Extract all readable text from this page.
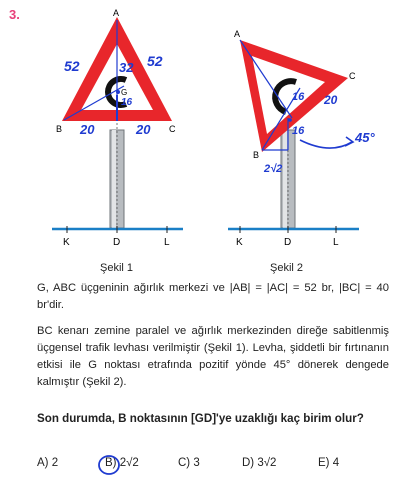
3.	A
B	C
G
52	32 52
16
20	20
K	D	L
A
C
B
16 20
16
2√2
45°
K	D	L
Şekil 1	Şekil 2

G, ABC üçgeninin ağırlık merkezi ve |AB| = |AC| = 52 br, |BC| = 40 br'dir.

BC kenarı zemine paralel ve ağırlık merkezinden direğe sabitlenmiş üçgensel trafik levhası verilmiştir (Şekil 1). Levha, şiddetli bir fırtınanın etkisi ile G noktası etrafında pozitif yönde 45° dönerek dengede kalmıştır (Şekil 2).

Son durumda, B noktasının [GD]'ye uzaklığı kaç birim olur?

A) 2	B) 2√2	C) 3	D) 3√2	E) 4
